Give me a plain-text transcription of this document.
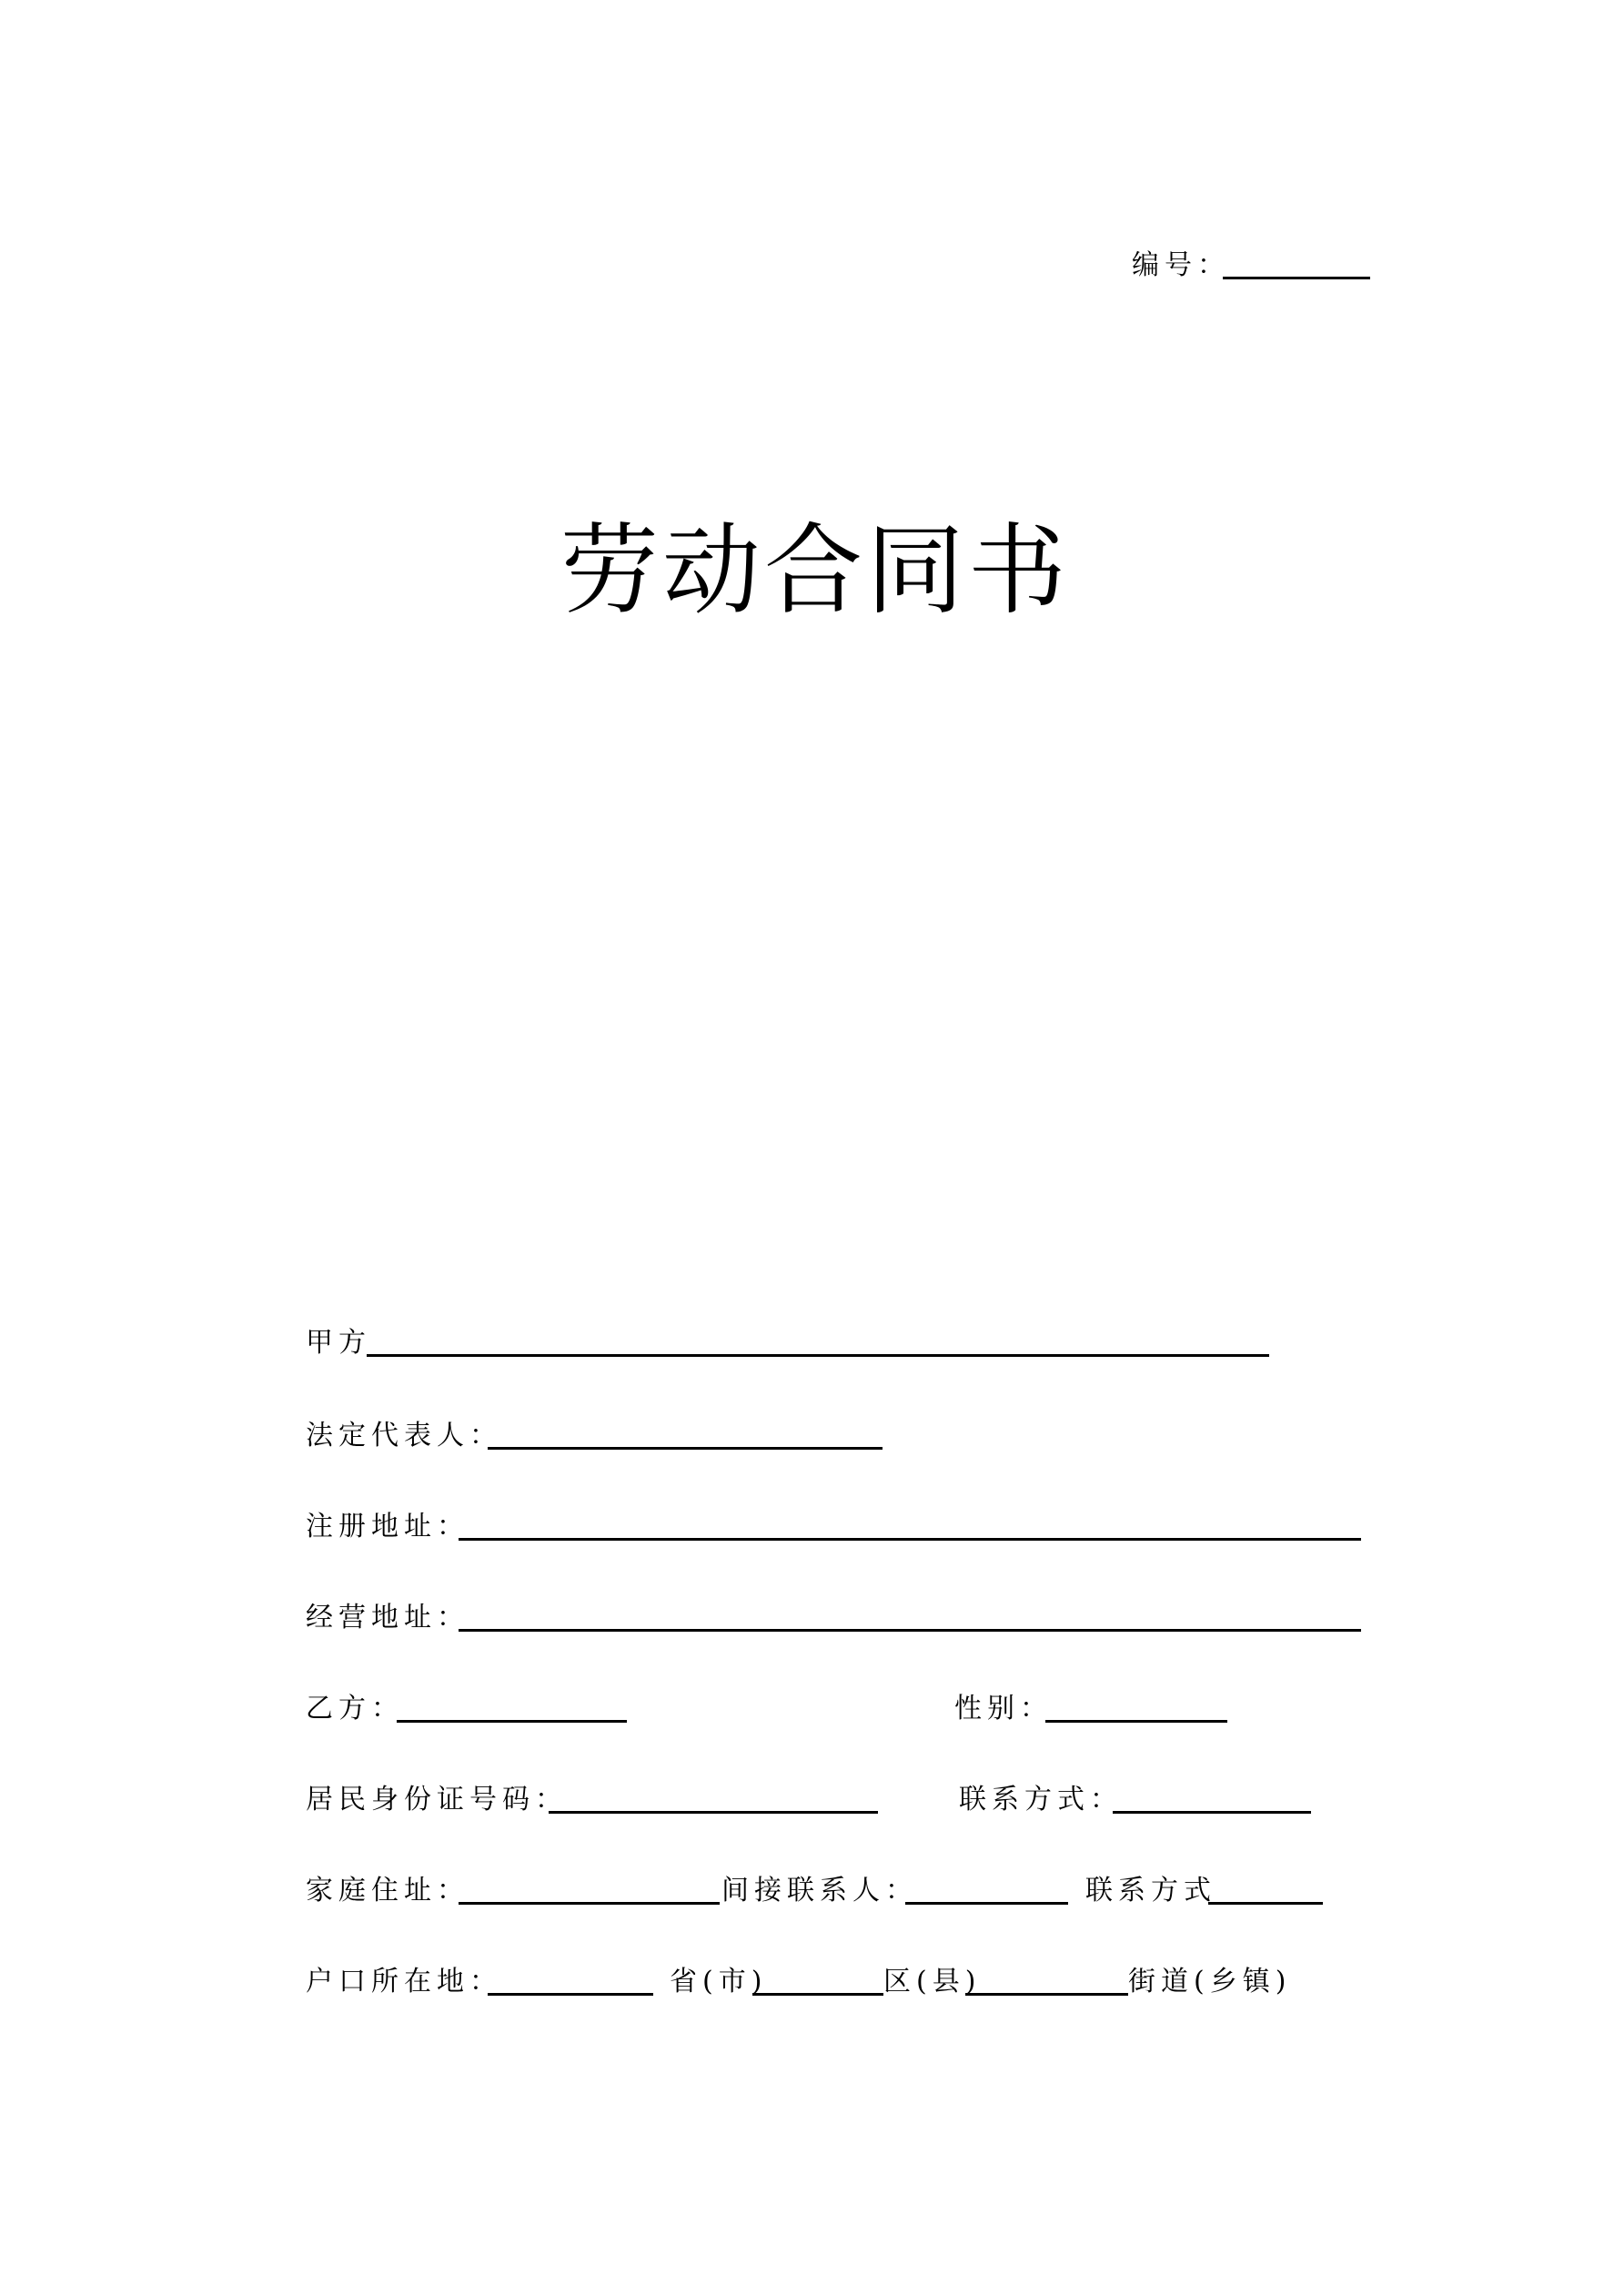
编号：
劳动合同书
甲方
法定代表人：
注册地址：
经营地址：
乙方：	性别：
居民身份证号码：	联系方式：
家庭住址：	间接联系人：	联系方式
户口所在地：	省(市)	区(县)	街道(乡镇)
